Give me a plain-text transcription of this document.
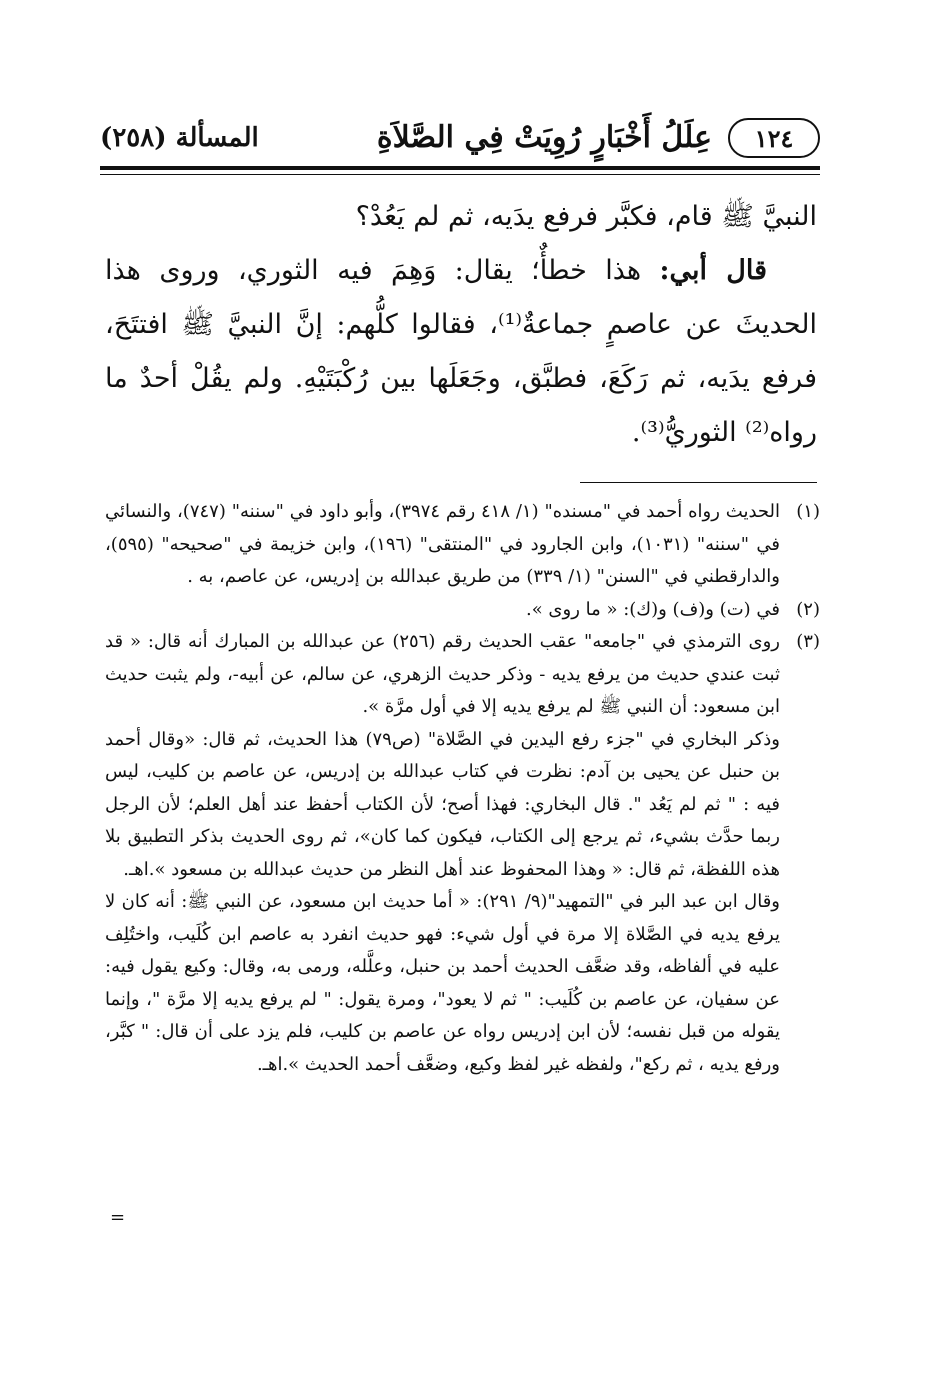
١٢٤
عِلَلُ أَخْبَارٍ رُوِيَتْ فِي الصَّلاَةِ
المسألة (٢٥٨)

النبيَّ ﷺ قام، فكبَّر فرفع يدَيه، ثم لم يَعُدْ؟

قال أبي: هذا خطأٌ؛ يقال: وَهِمَ فيه الثوري، وروى هذا الحديثَ عن عاصمٍ جماعةٌ⁽¹⁾، فقالوا كلُّهم: إنَّ النبيَّ ﷺ افتتَحَ، فرفع يدَيه، ثم رَكَعَ، فطبَّق، وجَعَلَها بين رُكْبَتَيْهِ. ولم يقُلْ أحدٌ ما رواه⁽²⁾ الثوريُّ⁽³⁾.

(١)

الحديث رواه أحمد في "مسنده" (١/ ٤١٨ رقم ٣٩٧٤)، وأبو داود في "سننه" (٧٤٧)، والنسائي في "سننه" (١٠٣١)، وابن الجارود في "المنتقى" (١٩٦)، وابن خزيمة في "صحيحه" (٥٩٥)، والدارقطني في "السنن" (١/ ٣٣٩) من طريق عبدالله بن إدريس، عن عاصم، به .

(٢)

في (ت) و(ف) و(ك): « ما روى ».

(٣)

روى الترمذي في "جامعه" عقب الحديث رقم (٢٥٦) عن عبدالله بن المبارك أنه قال: « قد ثبت عندي حديث من يرفع يديه - وذكر حديث الزهري، عن سالم، عن أبيه-، ولم يثبت حديث ابن مسعود: أن النبي ﷺ لم يرفع يديه إلا في أول مرَّة ».

وذكر البخاري في "جزء رفع اليدين في الصَّلاة" (ص٧٩) هذا الحديث، ثم قال: «وقال أحمد بن حنبل عن يحيى بن آدم: نظرت في كتاب عبدالله بن إدريس، عن عاصم بن كليب، ليس فيه : " ثم لم يَعُد ". قال البخاري: فهذا أصح؛ لأن الكتاب أحفظ عند أهل العلم؛ لأن الرجل ربما حدَّث بشيء، ثم يرجع إلى الكتاب، فيكون كما كان»، ثم روى الحديث بذكر التطبيق بلا هذه اللفظة، ثم قال: « وهذا المحفوظ عند أهل النظر من حديث عبدالله بن مسعود ».اهـ.

وقال ابن عبد البر في "التمهيد"(٩/ ٢٩١): « أما حديث ابن مسعود، عن النبي ﷺ: أنه كان لا يرفع يديه في الصَّلاة إلا مرة في أول شيء: فهو حديث انفرد به عاصم ابن كُلَيب، واختُلِف عليه في ألفاظه، وقد ضعَّف الحديث أحمد بن حنبل، وعلَّله، ورمى به، وقال: وكيع يقول فيه: عن سفيان، عن عاصم بن كُلَيب: " ثم لا يعود"، ومرة يقول: " لم يرفع يديه إلا مرَّة "، وإنما يقوله من قبل نفسه؛ لأن ابن إدريس رواه عن عاصم بن كليب، فلم يزد على أن قال: " كبَّر، ورفع يديه ، ثم ركع"، ولفظه غير لفظ وكيع، وضعَّف أحمد الحديث ».اهـ.

=
